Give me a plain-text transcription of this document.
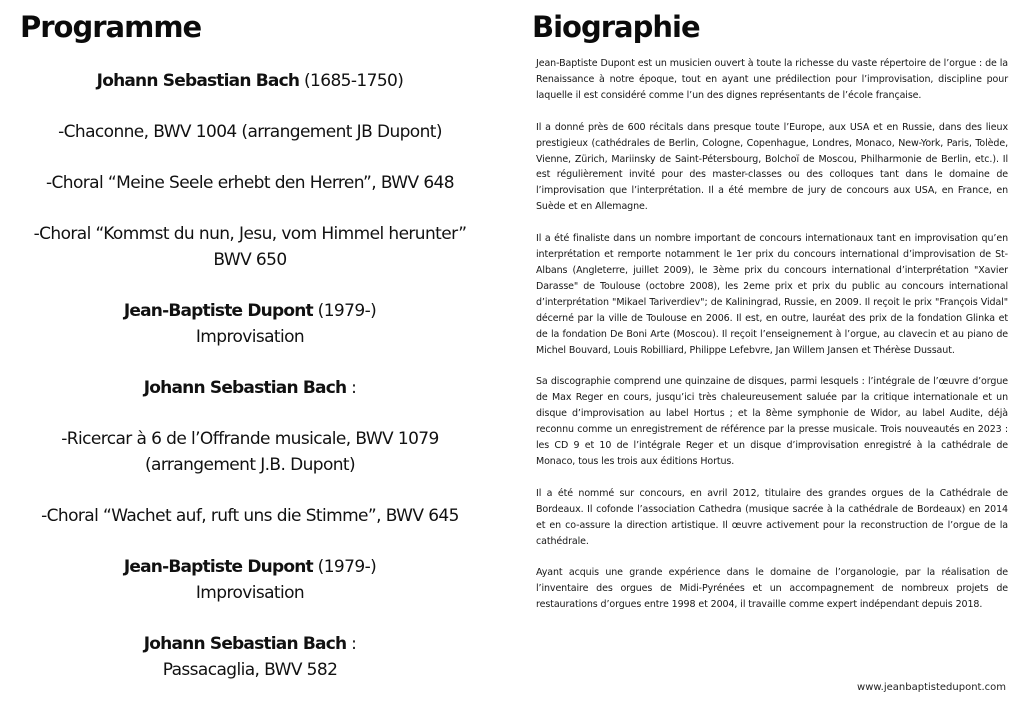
Programme

Johann Sebastian Bach (1685-1750)

-Chaconne, BWV 1004 (arrangement JB Dupont)

-Choral “Meine Seele erhebt den Herren”, BWV 648

-Choral “Kommst du nun, Jesu, vom Himmel herunter”

BWV 650

Jean-Baptiste Dupont (1979-)

Improvisation

Johann Sebastian Bach :

-Ricercar à 6 de l’Offrande musicale, BWV 1079

(arrangement J.B. Dupont)

-Choral “Wachet auf, ruft uns die Stimme”, BWV 645

Jean-Baptiste Dupont (1979-)

Improvisation

Johann Sebastian Bach :

Passacaglia, BWV 582

Biographie

Jean-Baptiste Dupont est un musicien ouvert à toute la richesse du vaste répertoire de l’orgue : de la Renaissance à notre époque, tout en ayant une prédilection pour l’improvisation, discipline pour laquelle il est considéré comme l’un des dignes représentants de l’école française.

Il a donné près de 600 récitals dans presque toute l’Europe, aux USA et en Russie, dans des lieux prestigieux (cathédrales de Berlin, Cologne, Copenhague, Londres, Monaco, New-York, Paris, Tolède, Vienne, Zürich, Mariinsky de Saint-Pétersbourg, Bolchoï de Moscou, Philharmonie de Berlin, etc.). Il est régulièrement invité pour des master-classes ou des colloques tant dans le domaine de l’improvisation que l’interprétation. Il a été membre de jury de concours aux USA, en France, en Suède et en Allemagne.

Il a été finaliste dans un nombre important de concours internationaux tant en improvisation qu’en interprétation et remporte notamment le 1er prix du concours international d’improvisation de St-Albans (Angleterre, juillet 2009), le 3ème prix du concours international d’interprétation "Xavier Darasse" de Toulouse (octobre 2008), les 2eme prix et prix du public au concours international d’interprétation "Mikael Tariverdiev"; de Kaliningrad, Russie, en 2009. Il reçoit le prix "François Vidal" décerné par la ville de Toulouse en 2006. Il est, en outre, lauréat des prix de la fondation Glinka et de la fondation De Boni Arte (Moscou). Il reçoit l’enseignement à l’orgue, au clavecin et au piano de Michel Bouvard, Louis Robilliard, Philippe Lefebvre, Jan Willem Jansen et Thérèse Dussaut.

Sa discographie comprend une quinzaine de disques, parmi lesquels : l’intégrale de l’œuvre d’orgue de Max Reger en cours, jusqu’ici très chaleureusement saluée par la critique internationale et un disque d’improvisation au label Hortus ; et la 8ème symphonie de Widor, au label Audite, déjà reconnu comme un enregistrement de référence par la presse musicale. Trois nouveautés en 2023 : les CD 9 et 10 de l’intégrale Reger et un disque d’improvisation enregistré à la cathédrale de Monaco, tous les trois aux éditions Hortus.

Il a été nommé sur concours, en avril 2012, titulaire des grandes orgues de la Cathédrale de Bordeaux. Il cofonde l’association Cathedra (musique sacrée à la cathédrale de Bordeaux) en 2014 et en co-assure la direction artistique. Il œuvre activement pour la reconstruction de l’orgue de la cathédrale.

Ayant acquis une grande expérience dans le domaine de l’organologie, par la réalisation de l’inventaire des orgues de Midi-Pyrénées et un accompagnement de nombreux projets de restaurations d’orgues entre 1998 et 2004, il travaille comme expert indépendant depuis 2018.

www.jeanbaptistedupont.com
